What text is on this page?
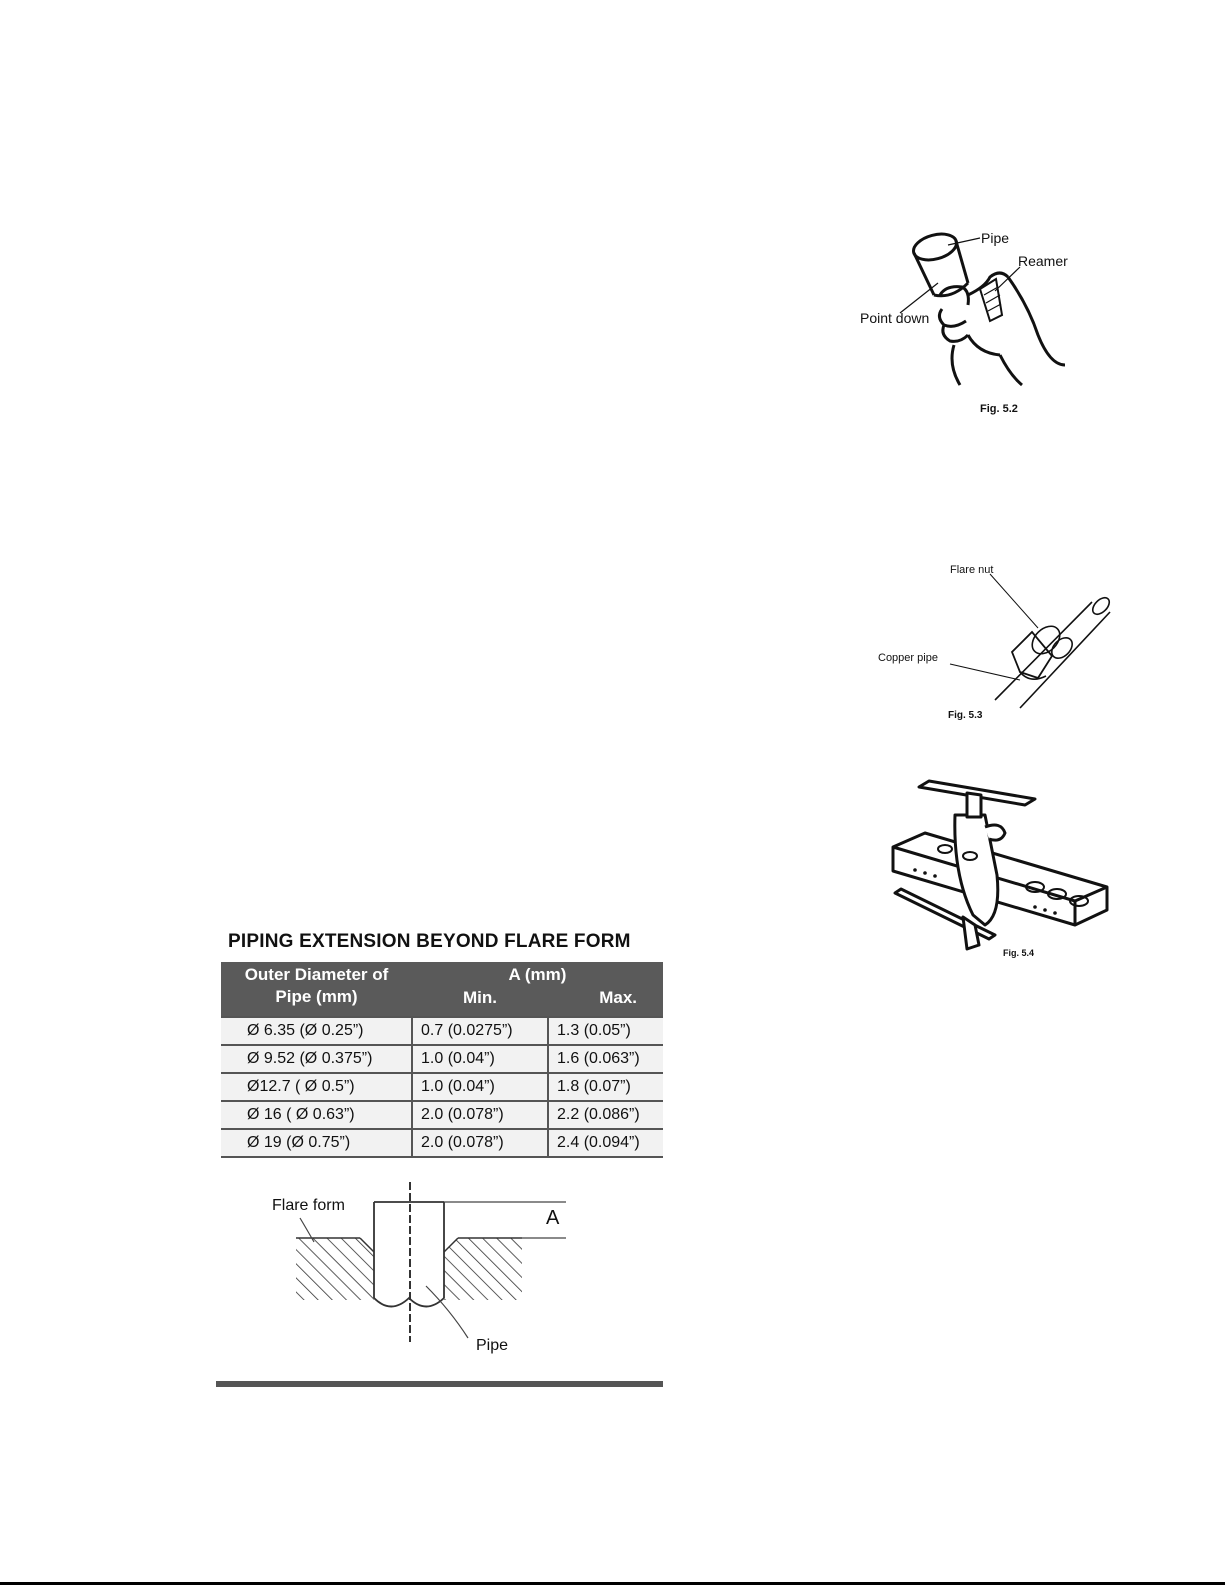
Pipe
Reamer
Point down
Fig. 5.2
Flare nut
Copper pipe
Fig. 5.3
Fig. 5.4
PIPING EXTENSION BEYOND FLARE FORM
Outer Diameter of Pipe (mm)	A (mm)	
	Min.	Max.
Ø 6.35 (Ø 0.25”)	0.7 (0.0275”)	1.3 (0.05”)
Ø 9.52 (Ø 0.375”)	1.0 (0.04”)	1.6 (0.063”)
Ø12.7 ( Ø 0.5”)	1.0 (0.04”)	1.8 (0.07”)
Ø 16 ( Ø 0.63”)	2.0 (0.078”)	2.2 (0.086”)
Ø 19 (Ø 0.75”)	2.0 (0.078”)	2.4 (0.094”)
Flare form
A
Pipe
